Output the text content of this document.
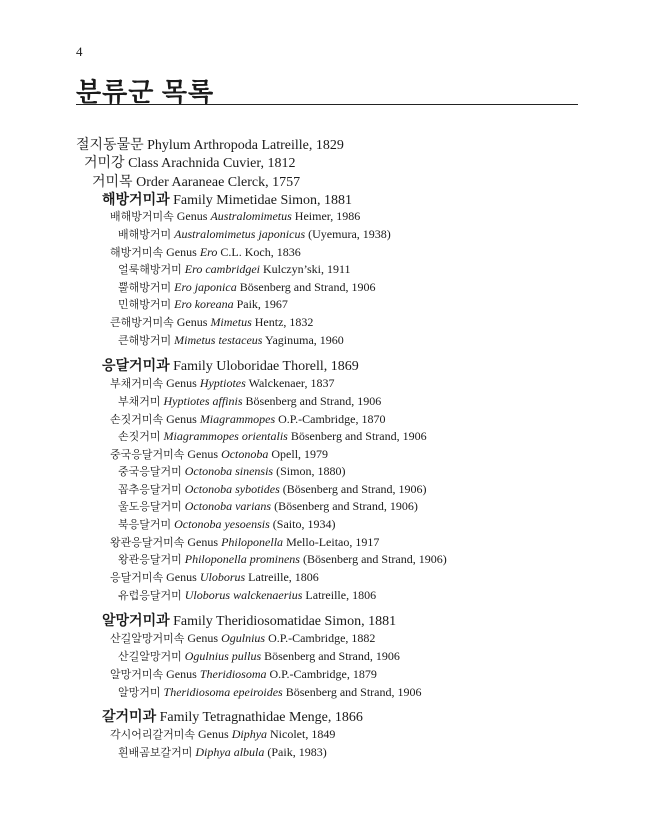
4
분류군 목록
절지동물문 Phylum Arthropoda Latreille, 1829
거미강 Class Arachnida Cuvier, 1812
거미목 Order Aaraneae Clerck, 1757
해방거미과 Family Mimetidae Simon, 1881
배해방거미속 Genus Australomimetus Heimer, 1986
배해방거미 Australomimetus japonicus (Uyemura, 1938)
해방거미속 Genus Ero C.L. Koch, 1836
얼룩해방거미 Ero cambridgei Kulczyn’ski, 1911
뿔해방거미 Ero japonica Bösenberg and Strand, 1906
민해방거미 Ero koreana Paik, 1967
큰해방거미속 Genus Mimetus Hentz, 1832
큰해방거미 Mimetus testaceus Yaginuma, 1960
응달거미과 Family Uloboridae Thorell, 1869
부채거미속 Genus Hyptiotes Walckenaer, 1837
부채거미 Hyptiotes affinis Bösenberg and Strand, 1906
손짓거미속 Genus Miagrammopes O.P.-Cambridge, 1870
손짓거미 Miagrammopes orientalis Bösenberg and Strand, 1906
중국응달거미속 Genus Octonoba Opell, 1979
중국응달거미 Octonoba sinensis (Simon, 1880)
꼽추응달거미 Octonoba sybotides (Bösenberg and Strand, 1906)
울도응달거미 Octonoba varians (Bösenberg and Strand, 1906)
북응달거미 Octonoba yesoensis (Saito, 1934)
왕관응달거미속 Genus Philoponella Mello-Leitao, 1917
왕관응달거미 Philoponella prominens (Bösenberg and Strand, 1906)
응달거미속 Genus Uloborus Latreille, 1806
유럽응달거미 Uloborus walckenaerius Latreille, 1806
알망거미과 Family Theridiosomatidae Simon, 1881
산길알망거미속 Genus Ogulnius O.P.-Cambridge, 1882
산길알망거미 Ogulnius pullus Bösenberg and Strand, 1906
알망거미속 Genus Theridiosoma O.P.-Cambridge, 1879
알망거미 Theridiosoma epeiroides Bösenberg and Strand, 1906
갈거미과 Family Tetragnathidae Menge, 1866
각시어리갈거미속 Genus Diphya Nicolet, 1849
흰배곰보갈거미 Diphya albula (Paik, 1983)
